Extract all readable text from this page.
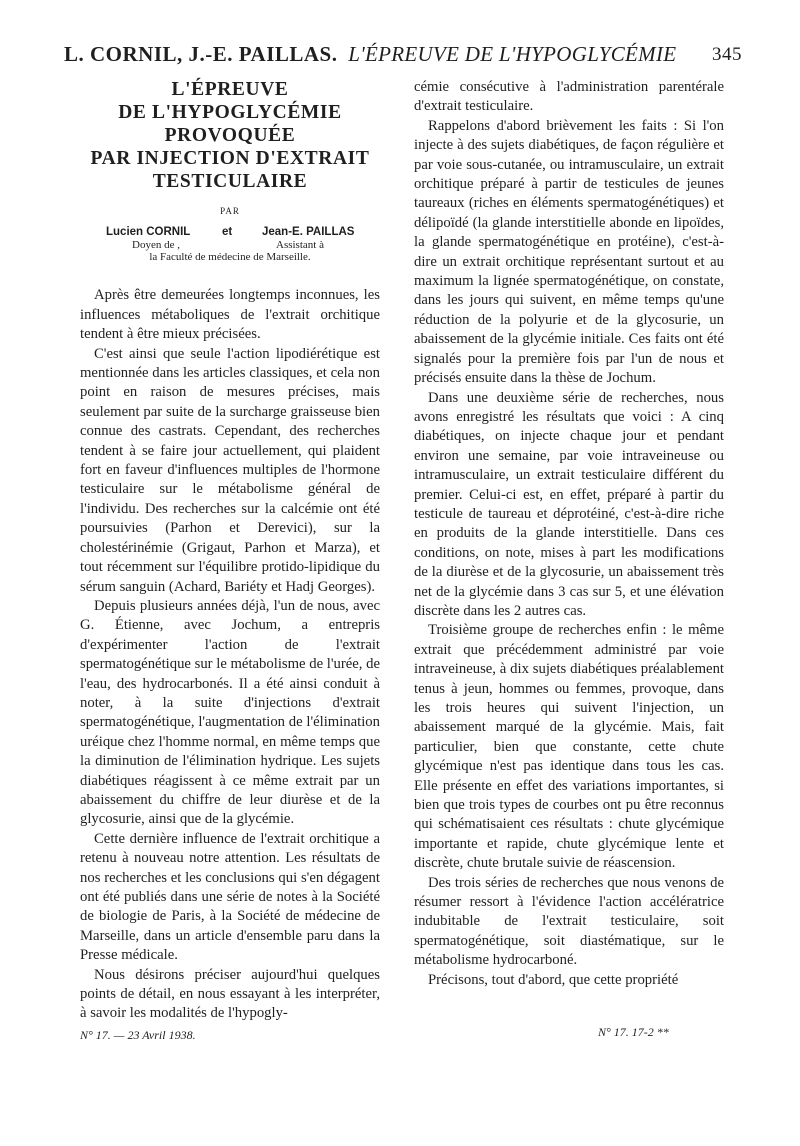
L. CORNIL, J.-E. PAILLAS. L'ÉPREUVE DE L'HYPOGLYCÉMIE 345
L'ÉPREUVE
DE L'HYPOGLYCÉMIE
PROVOQUÉE
PAR INJECTION D'EXTRAIT
TESTICULAIRE
PAR
Lucien CORNIL	et	Jean-E. PAILLAS
Doyen de ,	Assistant à
la Faculté de médecine de Marseille.

Après être demeurées longtemps inconnues, les influences métaboliques de l'extrait orchitique tendent à être mieux précisées.

C'est ainsi que seule l'action lipodiérétique est mentionnée dans les articles classiques, et cela non point en raison de mesures précises, mais seulement par suite de la surcharge graisseuse bien connue des castrats. Cependant, des recherches tendent à se faire jour actuellement, qui plaident fort en faveur d'influences multiples de l'hormone testiculaire sur le métabolisme général de l'individu. Des recherches sur la calcémie ont été poursuivies (Parhon et Derevici), sur la cholestérinémie (Grigaut, Parhon et Marza), et tout récemment sur l'équilibre protido-lipidique du sérum sanguin (Achard, Bariéty et Hadj Georges).

Depuis plusieurs années déjà, l'un de nous, avec G. Étienne, avec Jochum, a entrepris d'expérimenter l'action de l'extrait spermatogénétique sur le métabolisme de l'urée, de l'eau, des hydrocarbonés. Il a été ainsi conduit à noter, à la suite d'injections d'extrait spermatogénétique, l'augmentation de l'élimination uréique chez l'homme normal, en même temps que la diminution de l'élimination hydrique. Les sujets diabétiques réagissent à ce même extrait par un abaissement du chiffre de leur diurèse et de la glycosurie, ainsi que de la glycémie.

Cette dernière influence de l'extrait orchitique a retenu à nouveau notre attention. Les résultats de nos recherches et les conclusions qui s'en dégagent ont été publiés dans une série de notes à la Société de biologie de Paris, à la Société de médecine de Marseille, dans un article d'ensemble paru dans la Presse médicale.

Nous désirons préciser aujourd'hui quelques points de détail, en nous essayant à les interpréter, à savoir les modalités de l'hypogly-

N° 17. — 23 Avril 1938.

cémie consécutive à l'administration parentérale d'extrait testiculaire.

Rappelons d'abord brièvement les faits : Si l'on injecte à des sujets diabétiques, de façon régulière et par voie sous-cutanée, ou intramusculaire, un extrait orchitique préparé à partir de testicules de jeunes taureaux (riches en éléments spermatogénétiques) et délipoïdé (la glande interstitielle abonde en lipoïdes, la glande spermatogénétique en protéine), c'est-à-dire un extrait orchitique représentant surtout et au maximum la lignée spermatogénétique, on constate, dans les jours qui suivent, en même temps qu'une réduction de la polyurie et de la glycosurie, un abaissement de la glycémie initiale. Ces faits ont été signalés pour la première fois par l'un de nous et précisés ensuite dans la thèse de Jochum.

Dans une deuxième série de recherches, nous avons enregistré les résultats que voici : A cinq diabétiques, on injecte chaque jour et pendant environ une semaine, par voie intraveineuse ou intramusculaire, un extrait testiculaire différent du premier. Celui-ci est, en effet, préparé à partir du testicule de taureau et déprotéiné, c'est-à-dire riche en produits de la glande interstitielle. Dans ces conditions, on note, mises à part les modifications de la diurèse et de la glycosurie, un abaissement très net de la glycémie dans 3 cas sur 5, et une élévation discrète dans les 2 autres cas.

Troisième groupe de recherches enfin : le même extrait que précédemment administré par voie intraveineuse, à dix sujets diabétiques préalablement tenus à jeun, hommes ou femmes, provoque, dans les trois heures qui suivent l'injection, un abaissement marqué de la glycémie. Mais, fait particulier, bien que constante, cette chute glycémique n'est pas identique dans tous les cas. Elle présente en effet des variations importantes, si bien que trois types de courbes ont pu être reconnus qui schématisaient ces résultats : chute glycémique importante et rapide, chute glycémique lente et discrète, chute brutale suivie de réascension.

Des trois séries de recherches que nous venons de résumer ressort à l'évidence l'action accélératrice indubitable de l'extrait testiculaire, soit spermatogénétique, soit diastématique, sur le métabolisme hydrocarboné.

Précisons, tout d'abord, que cette propriété

N° 17. 17-2 **
